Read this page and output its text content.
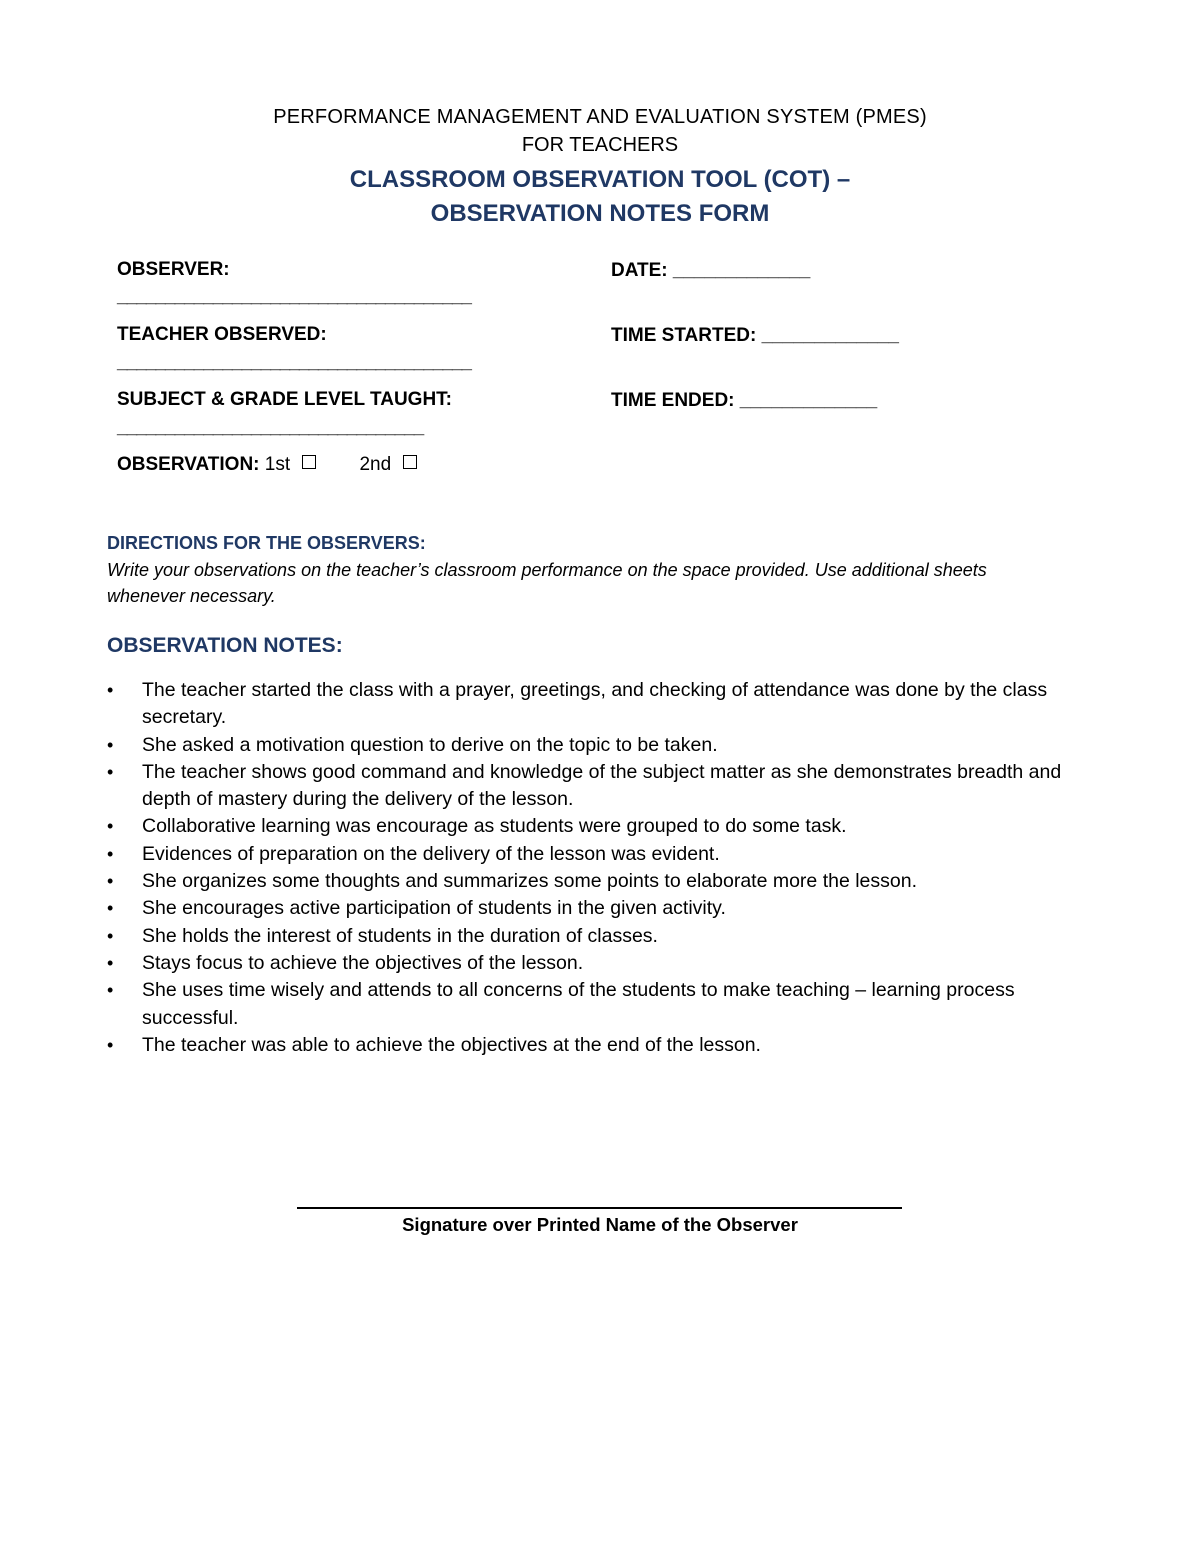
PERFORMANCE MANAGEMENT AND EVALUATION SYSTEM (PMES)
FOR TEACHERS
CLASSROOM OBSERVATION TOOL (COT) –
OBSERVATION NOTES FORM
OBSERVER:
_____________________________________
TEACHER OBSERVED:
_____________________________________
SUBJECT & GRADE LEVEL TAUGHT:
________________________________
DATE: _____________
TIME STARTED: _____________
TIME ENDED: _____________
OBSERVATION: 1st	2nd
DIRECTIONS FOR THE OBSERVERS:
Write your observations on the teacher’s classroom performance on the space provided. Use additional sheets whenever necessary.
OBSERVATION NOTES:
• The teacher started the class with a prayer, greetings, and checking of attendance was done by the class secretary.
• She asked a motivation question to derive on the topic to be taken.
• The teacher shows good command and knowledge of the subject matter as she demonstrates breadth and depth of mastery during the delivery of the lesson.
• Collaborative learning was encourage as students were grouped to do some task.
• Evidences of preparation on the delivery of the lesson was evident.
• She organizes some thoughts and summarizes some points to elaborate more the lesson.
• She encourages active participation of students in the given activity.
• She holds the interest of students in the duration of classes.
• Stays focus to achieve the objectives of the lesson.
• She uses time wisely and attends to all concerns of the students to make teaching – learning process successful.
• The teacher was able to achieve the objectives at the end of the lesson.
Signature over Printed Name of the Observer
